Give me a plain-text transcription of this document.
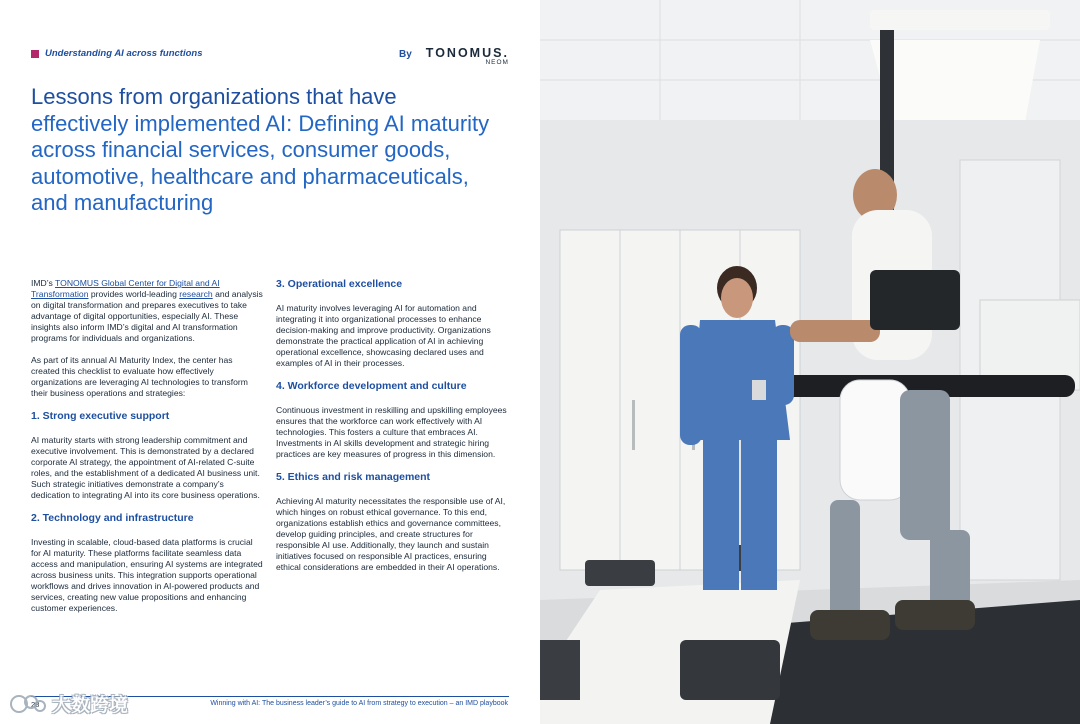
Understanding AI across functions	By TONOMUS.
NEOM
Lessons from organizations that have
effectively implemented AI: Defining AI maturity across financial services, consumer goods, automotive, healthcare and pharmaceuticals, and manufacturing

IMD’s TONOMUS Global Center for Digital and AI Transformation provides world-leading research and analysis on digital transformation and prepares executives to take advantage of digital opportunities, especially AI. These insights also inform IMD’s digital and AI transformation programs for individuals and organizations.

As part of its annual AI Maturity Index, the center has created this checklist to evaluate how effectively organizations are leveraging AI technologies to transform their business operations and strategies:

1. Strong executive support

AI maturity starts with strong leadership commitment and executive involvement. This is demonstrated by a declared corporate AI strategy, the appointment of AI-related C-suite roles, and the establishment of a dedicated AI business unit. Such strategic initiatives demonstrate a company’s dedication to integrating AI into its core business operations.

2. Technology and infrastructure

Investing in scalable, cloud-based data platforms is crucial for AI maturity. These platforms facilitate seamless data access and manipulation, ensuring AI systems are integrated across business units. This integration supports operational workflows and drives innovation in AI-powered products and services, creating new value propositions and enhancing customer experiences.

3. Operational excellence

AI maturity involves leveraging AI for automation and integrating it into organizational processes to enhance decision-making and improve productivity. Organizations demonstrate the practical application of AI in achieving operational excellence, showcasing declared uses and examples of AI in their processes.

4. Workforce development and culture

Continuous investment in reskilling and upskilling employees ensures that the workforce can work effectively with AI technologies. This fosters a culture that embraces AI. Investments in AI skills development and strategic hiring practices are key measures of progress in this dimension.

5. Ethics and risk management

Achieving AI maturity necessitates the responsible use of AI, which hinges on robust ethical governance. To this end, organizations establish ethics and governance committees, develop guiding principles, and create structures for responsible AI use. Additionally, they launch and sustain initiatives focused on responsible AI practices, ensuring ethical considerations are embedded in their AI operations.

28	Winning with AI: The business leader’s guide to AI from strategy to execution – an IMD playbook
大数跨境
